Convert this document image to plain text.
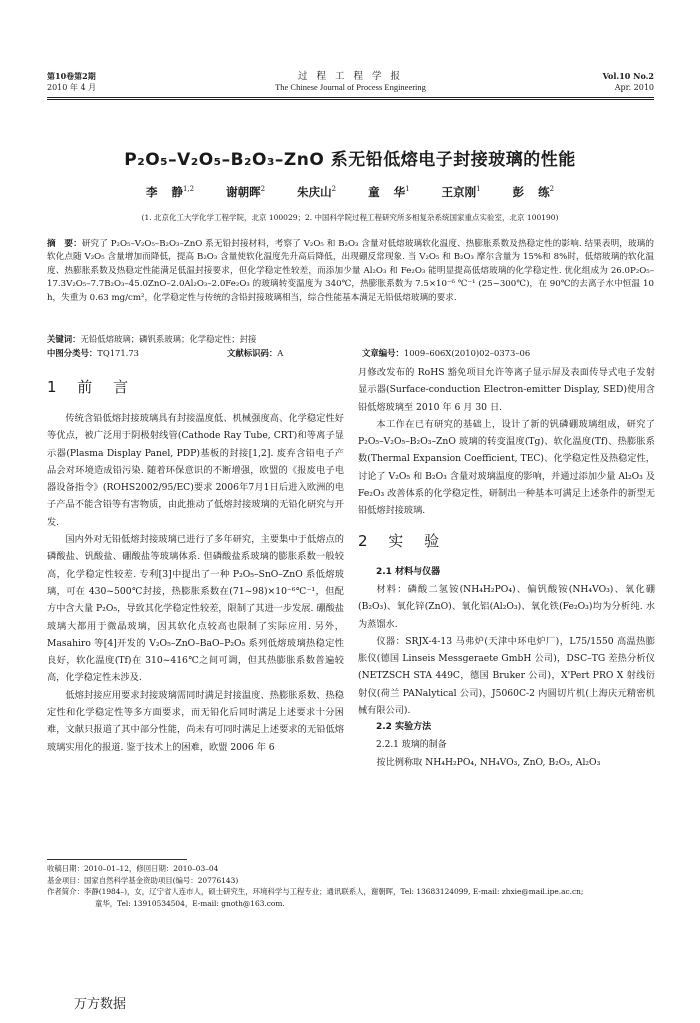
第10卷第2期
2010 年 4 月
过 程 工 程 学 报
The Chinese Journal of Process Engineering
Vol.10 No.2
Apr. 2010
P₂O₅–V₂O₅–B₂O₃–ZnO 系无铅低熔电子封接玻璃的性能
李 静$^{1,2}$	谢朝晖$^2$	朱庆山$^2$	童 华$^1$	王京刚$^1$	彭 练$^2$
(1. 北京化工大学化学工程学院，北京 100029；2. 中国科学院过程工程研究所多相复杂系统国家重点实验室，北京 100190)
摘　要：研究了 P₂O₅–V₂O₅–B₂O₃–ZnO 系无铅封接材料，考察了 V₂O₅ 和 B₂O₃ 含量对低熔玻璃软化温度、热膨胀系数及热稳定性的影响. 结果表明，玻璃的软化点随 V₂O₅ 含量增加而降低，提高 B₂O₃ 含量使软化温度先升高后降低，出现硼反常现象. 当 V₂O₅ 和 B₂O₃ 摩尔含量为 15%和 8%时，低熔玻璃的软化温度、热膨胀系数及热稳定性能满足低温封接要求，但化学稳定性较差，而添加少量 Al₂O₃ 和 Fe₂O₃ 能明显提高低熔玻璃的化学稳定性. 优化组成为 26.0P₂O₅–17.3V₂O₅–7.7B₂O₃–45.0ZnO–2.0Al₂O₃–2.0Fe₂O₃ 的玻璃转变温度为 340℃，热膨胀系数为 7.5×10⁻⁶ ℃⁻¹ (25~300℃)，在 90℃的去离子水中恒温 10 h，失重为 0.63 mg/cm²，化学稳定性与传统的含铅封接玻璃相当，综合性能基本满足无铅低熔玻璃的要求.
关键词：无铅低熔玻璃；磷钒系玻璃；化学稳定性；封接
中图分类号：TQ171.73	文献标识码：A	文章编号：1009–606X(2010)02–0373–06
1 前 言

传统含铅低熔封接玻璃具有封接温度低、机械强度高、化学稳定性好等优点，被广泛用于阴极射线管(Cathode Ray Tube, CRT)和等离子显示器(Plasma Display Panel, PDP)基板的封接[1,2]. 废弃含铅电子产品会对环境造成铅污染. 随着环保意识的不断增强，欧盟的《报废电子电器设备指令》(ROHS2002/95/EC)要求 2006年7月1日后进入欧洲的电子产品不能含铅等有害物质，由此推动了低熔封接玻璃的无铅化研究与开发.

国内外对无铅低熔封接玻璃已进行了多年研究，主要集中于低熔点的磷酸盐、钒酸盐、硼酸盐等玻璃体系. 但磷酸盐系玻璃的膨胀系数一般较高，化学稳定性较差. 专利[3]中提出了一种 P₂O₅–SnO–ZnO 系低熔玻璃，可在 430~500℃封接，热膨胀系数在(71~98)×10⁻⁶℃⁻¹，但配方中含大量 P₂O₅，导致其化学稳定性较差，限制了其进一步发展. 硼酸盐玻璃大都用于微晶玻璃，因其软化点较高也限制了实际应用. 另外，Masahiro 等[4]开发的 V₂O₅–ZnO–BaO–P₂O₅ 系列低熔玻璃热稳定性良好，软化温度(Tf)在 310~416℃之间可调，但其热膨胀系数普遍较高，化学稳定性未涉及.

低熔封接应用要求封接玻璃需同时满足封接温度、热膨胀系数、热稳定性和化学稳定性等多方面要求，而无铅化后同时满足上述要求十分困难，文献只报道了其中部分性能，尚未有可同时满足上述要求的无铅低熔玻璃实用化的报道. 鉴于技术上的困难，欧盟 2006 年 6

月修改发布的 RoHS 豁免项目允许等离子显示屏及表面传导式电子发射显示器(Surface-conduction Electron-emitter Display, SED)使用含铅低熔玻璃至 2010 年 6 月 30 日.

本工作在已有研究的基础上，设计了新的钒磷硼玻璃组成，研究了 P₂O₅–V₂O₅–B₂O₃–ZnO 玻璃的转变温度(Tg)、软化温度(Tf)、热膨胀系数(Thermal Expansion Coefficient, TEC)、化学稳定性及热稳定性，讨论了 V₂O₅ 和 B₂O₃ 含量对玻璃温度的影响，并通过添加少量 Al₂O₃ 及 Fe₂O₃ 改善体系的化学稳定性，研制出一种基本可满足上述条件的新型无铅低熔封接玻璃.

2 实 验

2.1 材料与仪器

材料：磷酸二氢铵(NH₄H₂PO₄)、偏钒酸铵(NH₄VO₃)、氧化硼(B₂O₃)、氧化锌(ZnO)、氧化铝(Al₂O₃)、氧化铁(Fe₂O₃)均为分析纯. 水为蒸馏水.

仪器：SRJX-4-13 马弗炉(天津中环电炉厂)，L75/1550 高温热膨胀仪(德国 Linseis Messgeraete GmbH 公司)，DSC–TG 差热分析仪(NETZSCH STA 449C，德国 Bruker 公司)，X'Pert PRO X 射线衍射仪(荷兰 PANalytical 公司)，J5060C-2 内圆切片机(上海庆元精密机械有限公司).

2.2 实验方法

2.2.1 玻璃的制备

按比例称取 NH₄H₂PO₄, NH₄VO₃, ZnO, B₂O₃, Al₂O₃

收稿日期：2010–01–12，修回日期：2010–03–04
基金项目：国家自然科学基金资助项目(编号：20776143)
作者简介：李静(1984–)，女，辽宁省人连市人，硕士研究生，环境科学与工程专业；通讯联系人，谢朝晖，Tel: 13683124099, E-mail: zhxie@mail.ipe.ac.cn;
童华，Tel: 13910534504，E-mail: gnoth@163.com.
万方数据
